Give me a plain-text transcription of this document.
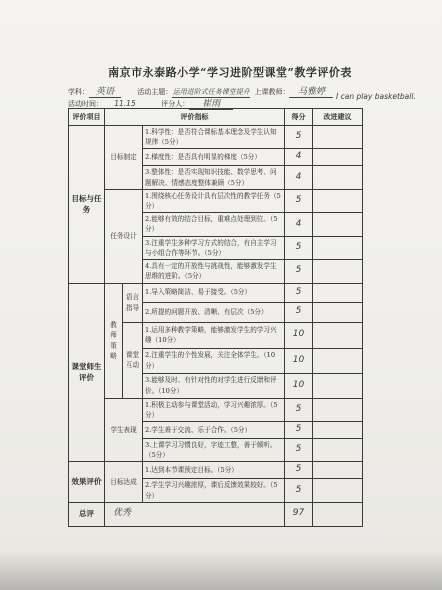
南京市永泰路小学“学习进阶型课堂”教学评价表
学科： 英语	活动主题：运用进阶式任务课堂提升 上课教师： 马雅婷	I can play basketball.
活动时间： 11.15	评分人： 崔雨
评价项目	评价指标			得分	改进建议
目标与任务	目标制定		1.科学性：是否符合课标基本理念及学生认知规律（5分）	5	
			2.梯度性：是否具有明显的梯度（5分）	4	
			3.整体性：是否实现知识技能、数学思考、问题解决、情感态度整体兼顾（5分）	4	
	任务设计		1.围绕核心任务设计具有层次性的教学任务（5分）	5	
			2.能够有效的结合目标，重难点处理到位。（5分）	4	
			3.注重学生多种学习方式的结合，有自主学习与小组合作等环节。（5分）	5	
			4.具有一定的开放性与挑战性，能够激发学生思维的进阶。（5分）	5	
课堂师生评价	教师策略	语言指导	1.导入策略简洁、易于接受。（5分）	5	
			2.所提的问题开放、清晰、有层次（5分）	5	
		课堂互动	1.运用多种教学策略，能够激发学生的学习兴趣（10分）	10	
			2.注重学生的个性发展，关注全体学生。（10分）	10	
			3.能够及时、有针对性的对学生进行反馈和评价。（10分）	10	
	学生表现		1.积极主动参与课堂活动，学习兴趣浓厚。（5分）	5	
			2.学生善于交流、乐于合作。（5分）	5	
			3.上课学习习惯良好，字迹工整，善于倾听。（5分）	5	
效果评价	目标达成		1.达到本节课预定目标。（5分）	5	
			2.学生学习兴趣浓厚，课后反馈效果较好。（5分）	5	
总评	优秀			97	
